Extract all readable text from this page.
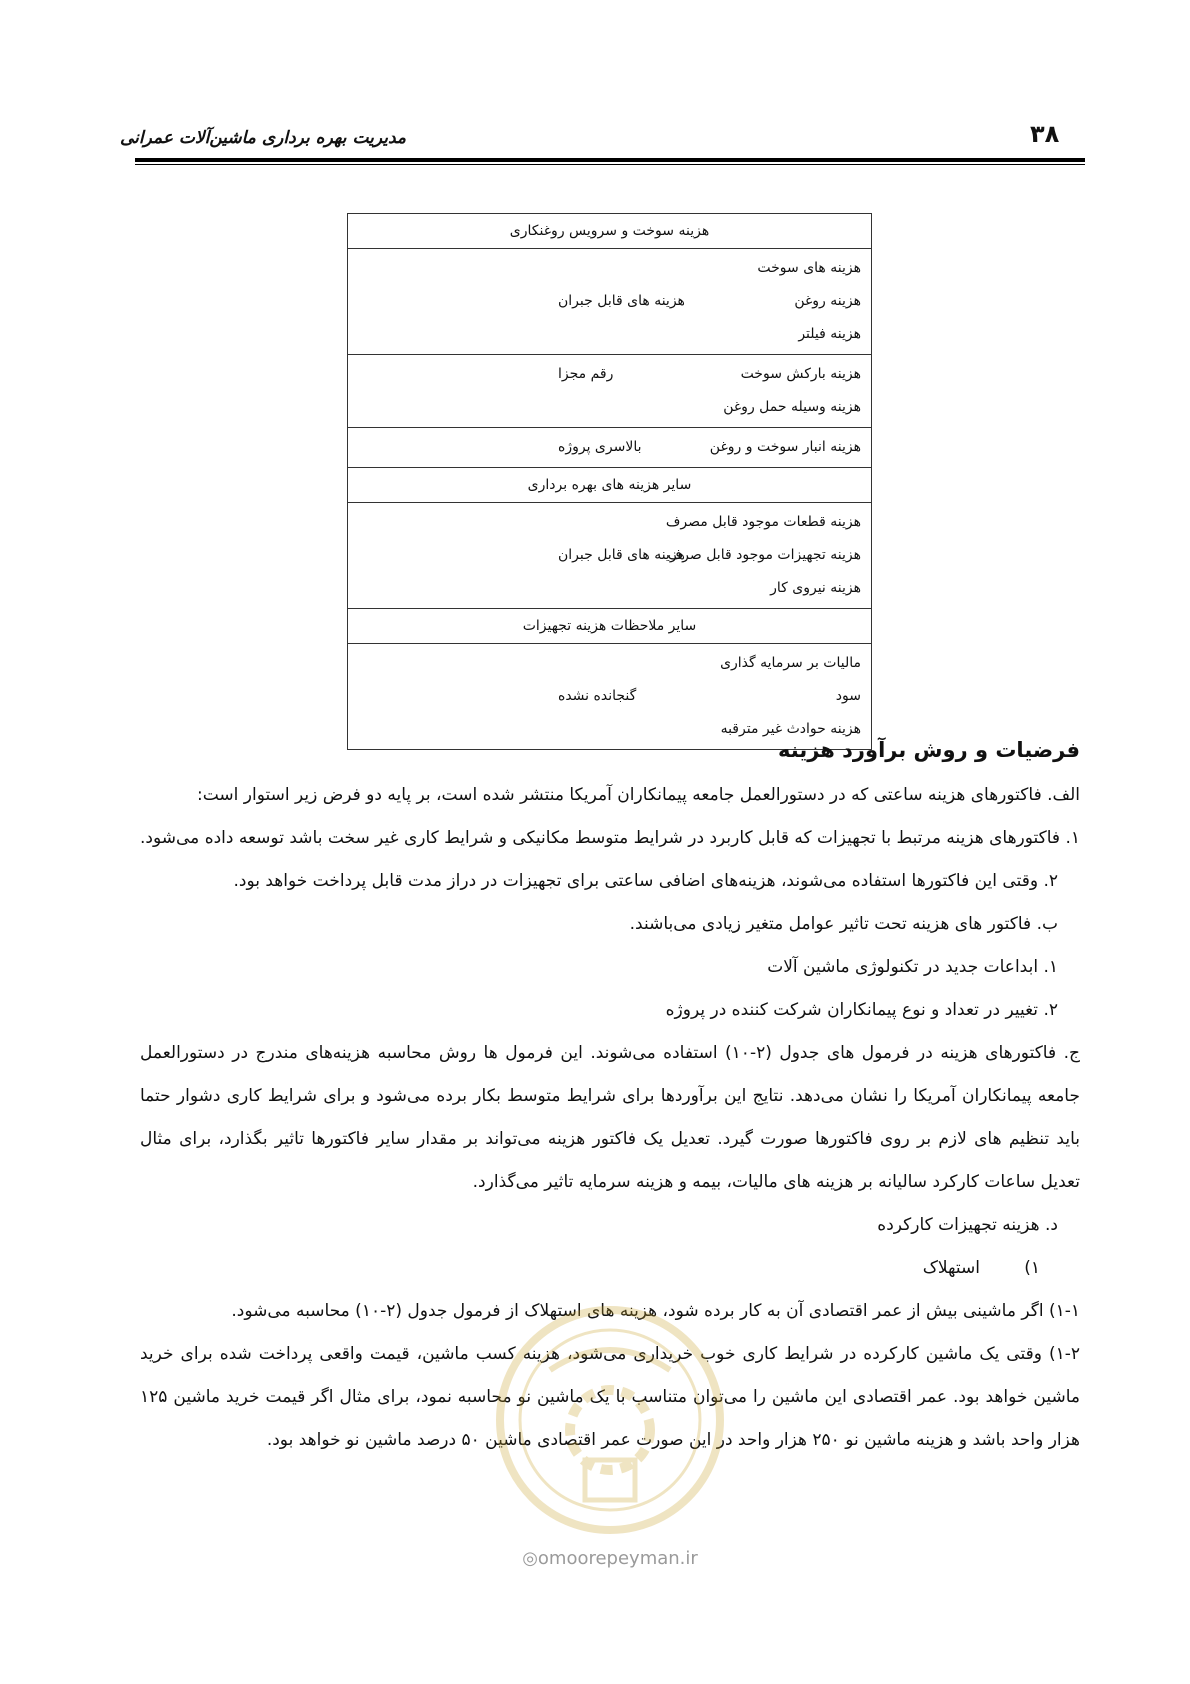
۳۸
مدیریت بهره برداری ماشین‌آلات عمرانی
هزینه سوخت و سرویس روغنکاری
هزینه های سوخت
هزینه روغن
هزینه فیلتر
هزینه های قابل جبران
هزینه بارکش سوخت
هزینه وسیله حمل روغن
رقم مجزا
هزینه انبار سوخت و روغن
بالاسری پروژه
سایر هزینه های بهره برداری
هزینه قطعات موجود قابل مصرف
هزینه تجهیزات موجود قابل صرف
هزینه نیروی کار
هزینه های قابل جبران
سایر ملاحظات هزینه تجهیزات
مالیات بر سرمایه گذاری
سود
هزینه حوادث غیر مترقبه
گنجانده نشده
فرضیات و روش برآورد هزینه
الف. فاکتورهای هزینه ساعتی که در دستورالعمل جامعه پیمانکاران آمریکا منتشر شده است، بر پایه دو فرض زیر استوار است:
۱. فاکتورهای هزینه مرتبط با تجهیزات که قابل کاربرد در شرایط متوسط مکانیکی و شرایط کاری غیر سخت باشد توسعه داده می‌شود.
۲. وقتی این فاکتورها استفاده می‌شوند، هزینه‌های اضافی ساعتی برای تجهیزات در دراز مدت قابل پرداخت خواهد بود.
ب. فاکتور های هزینه تحت تاثیر عوامل متغیر زیادی می‌باشند.
۱. ابداعات جدید در تکنولوژی ماشین آلات
۲. تغییر در تعداد و نوع پیمانکاران شرکت کننده در پروژه
ج. فاکتورهای هزینه در فرمول های جدول (۲-۱۰) استفاده می‌شوند. این فرمول ها روش محاسبه هزینه‌های مندرج در دستورالعمل جامعه پیمانکاران آمریکا را نشان می‌دهد. نتایج این برآوردها برای شرایط متوسط بکار برده می‌شود و برای شرایط کاری دشوار حتما باید تنظیم های لازم بر روی فاکتورها صورت گیرد. تعدیل یک فاکتور هزینه می‌تواند بر مقدار سایر فاکتورها تاثیر بگذارد، برای مثال تعدیل ساعات کارکرد سالیانه بر هزینه های مالیات، بیمه و هزینه سرمایه تاثیر می‌گذارد.
د. هزینه تجهیزات کارکرده
۱)استهلاک
۱-۱) اگر ماشینی بیش از عمر اقتصادی آن به کار برده شود، هزینه های استهلاک از فرمول جدول (۲-۱۰) محاسبه می‌شود.
۱-۲) وقتی یک ماشین کارکرده در شرایط کاری خوب خریداری می‌شود، هزینه کسب ماشین، قیمت واقعی پرداخت شده برای خرید ماشین خواهد بود. عمر اقتصادی این ماشین را می‌توان متناسب با یک ماشین نو محاسبه نمود، برای مثال اگر قیمت خرید ماشین ۱۲۵ هزار واحد باشد و هزینه ماشین نو ۲۵۰ هزار واحد در این صورت عمر اقتصادی ماشین ۵۰ درصد ماشین نو خواهد بود.
◎omoorepeyman.ir
